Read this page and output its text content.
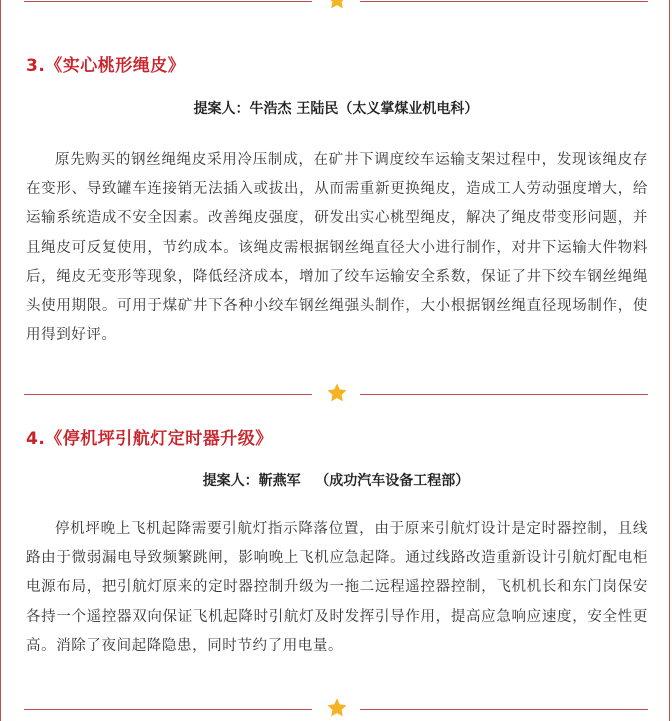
3.《实心桃形绳皮》
提案人：牛浩杰 王陆民（太义掌煤业机电科）

原先购买的钢丝绳绳皮采用冷压制成，在矿井下调度绞车运输支架过程中，发现该绳皮存在变形、导致罐车连接销无法插入或拔出，从而需重新更换绳皮，造成工人劳动强度增大，给运输系统造成不安全因素。改善绳皮强度，研发出实心桃型绳皮，解决了绳皮带变形问题，并且绳皮可反复使用，节约成本。该绳皮需根据钢丝绳直径大小进行制作，对井下运输大件物料后，绳皮无变形等现象，降低经济成本，增加了绞车运输安全系数，保证了井下绞车钢丝绳绳头使用期限。可用于煤矿井下各种小绞车钢丝绳强头制作，大小根据钢丝绳直径现场制作，使用得到好评。

4.《停机坪引航灯定时器升级》
提案人：靳燕军   （成功汽车设备工程部）

停机坪晚上飞机起降需要引航灯指示降落位置，由于原来引航灯设计是定时器控制，且线路由于微弱漏电导致频繁跳闸，影响晚上飞机应急起降。通过线路改造重新设计引航灯配电柜电源布局，把引航灯原来的定时器控制升级为一拖二远程遥控器控制，飞机机长和东门岗保安各持一个遥控器双向保证飞机起降时引航灯及时发挥引导作用，提高应急响应速度，安全性更高。消除了夜间起降隐患，同时节约了用电量。
